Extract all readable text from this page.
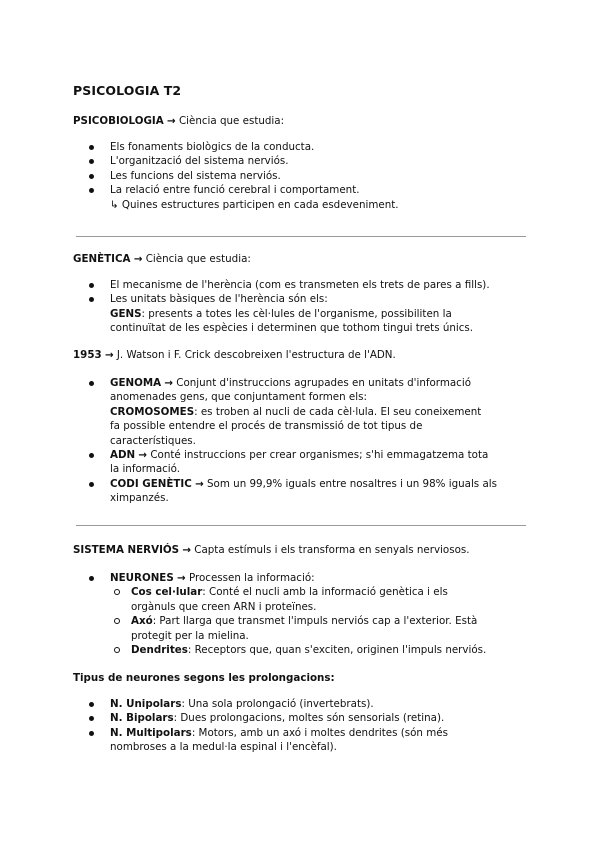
PSICOLOGIA T2
PSICOBIOLOGIA → Ciència que estudia:
Els fonaments biològics de la conducta.
L'organització del sistema nerviós.
Les funcions del sistema nerviós.
La relació entre funció cerebral i comportament.
↳ Quines estructures participen en cada esdeveniment.
GENÈTICA → Ciència que estudia:
El mecanisme de l'herència (com es transmeten els trets de pares a fills).
Les unitats bàsiques de l'herència són els:
GENS: presents a totes les cèl·lules de l'organisme, possibiliten la
continuïtat de les espècies i determinen que tothom tingui trets únics.
1953 → J. Watson i F. Crick descobreixen l'estructura de l'ADN.
GENOMA → Conjunt d'instruccions agrupades en unitats d'informació
anomenades gens, que conjuntament formen els:
CROMOSOMES: es troben al nucli de cada cèl·lula. El seu coneixement
fa possible entendre el procés de transmissió de tot tipus de
característiques.
ADN → Conté instruccions per crear organismes; s'hi emmagatzema tota
la informació.
CODI GENÈTIC → Som un 99,9% iguals entre nosaltres i un 98% iguals als
ximpanzés.
SISTEMA NERVIÓS → Capta estímuls i els transforma en senyals nerviosos.
NEURONES → Processen la informació:
Cos cel·lular: Conté el nucli amb la informació genètica i els
orgànuls que creen ARN i proteïnes.
Axó: Part llarga que transmet l'impuls nerviós cap a l'exterior. Està
protegit per la mielina.
Dendrites: Receptors que, quan s'exciten, originen l'impuls nerviós.
Tipus de neurones segons les prolongacions:
N. Unipolars: Una sola prolongació (invertebrats).
N. Bipolars: Dues prolongacions, moltes són sensorials (retina).
N. Multipolars: Motors, amb un axó i moltes dendrites (són més
nombroses a la medul·la espinal i l'encèfal).
